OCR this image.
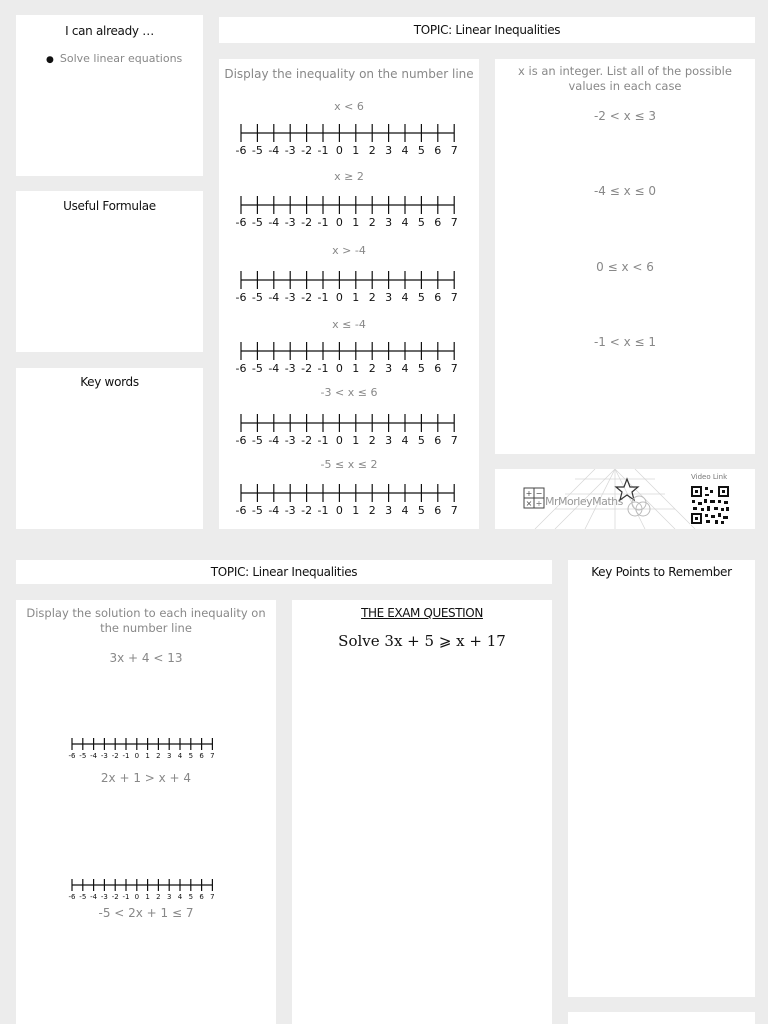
I can already …
● Solve linear equations
Useful Formulae
Key words
TOPIC: Linear Inequalities
Display the inequality on the number line
x < 6
-6 -5 -4 -3 -2 -1 0 1 2 3 4 5 6 7
x ≥ 2
-6 -5 -4 -3 -2 -1 0 1 2 3 4 5 6 7
x > -4
-6 -5 -4 -3 -2 -1 0 1 2 3 4 5 6 7
x ≤ -4
-6 -5 -4 -3 -2 -1 0 1 2 3 4 5 6 7
-3 < x ≤ 6
-6 -5 -4 -3 -2 -1 0 1 2 3 4 5 6 7
-5 ≤ x ≤ 2
-6 -5 -4 -3 -2 -1 0 1 2 3 4 5 6 7
x is an integer. List all of the possible values in each case
-2 < x ≤ 3
-4 ≤ x ≤ 0
0 ≤ x < 6
-1 < x ≤ 1
+ −
× ÷ MrMorleyMaths
Video Link
TOPIC: Linear Inequalities	Key Points to Remember
Display the solution to each inequality on the number line
3x + 4 < 13
-6 -5 -4 -3 -2 -1 0 1 2 3 4 5 6 7
2x + 1 > x + 4
-6 -5 -4 -3 -2 -1 0 1 2 3 4 5 6 7
-5 < 2x + 1 ≤ 7
THE EXAM QUESTION
Solve 3x + 5 ⩾ x + 17
